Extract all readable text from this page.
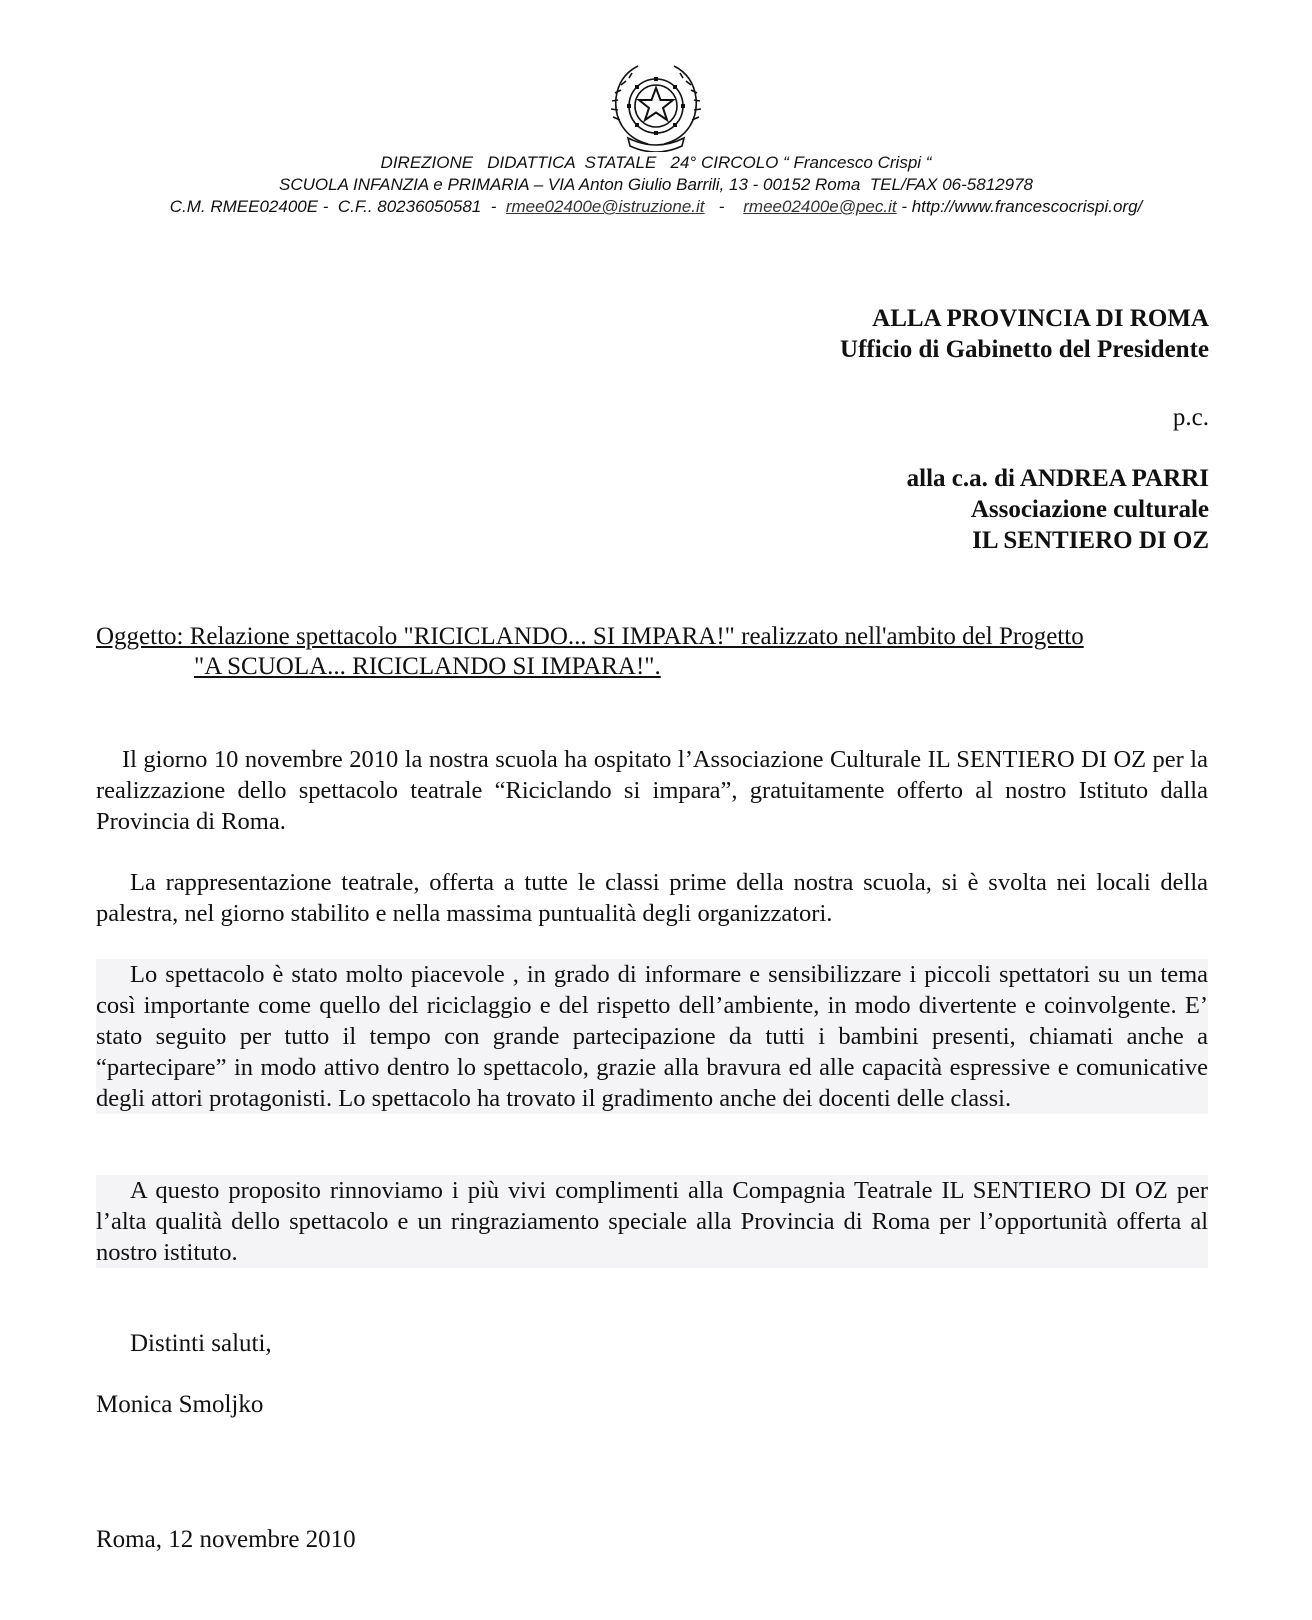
DIREZIONE   DIDATTICA  STATALE   24° CIRCOLO “ Francesco Crispi “
SCUOLA INFANZIA e PRIMARIA – VIA Anton Giulio Barrili, 13 - 00152 Roma  TEL/FAX 06-5812978
C.M. RMEE02400E -  C.F.. 80236050581  -  rmee02400e@istruzione.it   -    rmee02400e@pec.it - http://www.francescocrispi.org/
ALLA PROVINCIA DI ROMA
Ufficio di Gabinetto del Presidente
p.c.
alla c.a. di ANDREA PARRI
Associazione culturale
IL SENTIERO DI OZ
Oggetto: Relazione spettacolo "RICICLANDO... SI IMPARA!" realizzato nell'ambito del Progetto
"A SCUOLA... RICICLANDO SI IMPARA!".

Il giorno 10 novembre 2010 la nostra scuola ha ospitato l’Associazione Culturale IL SENTIERO DI OZ per la realizzazione dello spettacolo teatrale “Riciclando si impara”, gratuitamente offerto al nostro Istituto dalla Provincia di Roma.

La rappresentazione teatrale, offerta a tutte le classi prime della nostra scuola, si è svolta nei locali della palestra, nel giorno stabilito e nella massima puntualità degli organizzatori.

Lo spettacolo è stato molto piacevole , in grado di informare e sensibilizzare i piccoli spettatori su un tema così importante come quello del riciclaggio e del rispetto dell’ambiente, in modo divertente e coinvolgente. E’ stato seguito per tutto il tempo con grande partecipazione da tutti i bambini presenti, chiamati anche a “partecipare” in modo attivo dentro lo spettacolo, grazie alla bravura ed alle capacità espressive e comunicative degli attori protagonisti. Lo spettacolo ha trovato il gradimento anche dei docenti delle classi.

A questo proposito rinnoviamo i più vivi complimenti alla Compagnia Teatrale IL SENTIERO DI OZ per l’alta qualità dello spettacolo e un ringraziamento speciale alla Provincia di Roma per l’opportunità offerta al nostro istituto.

Distinti saluti,
Monica Smoljko
Roma, 12 novembre 2010
